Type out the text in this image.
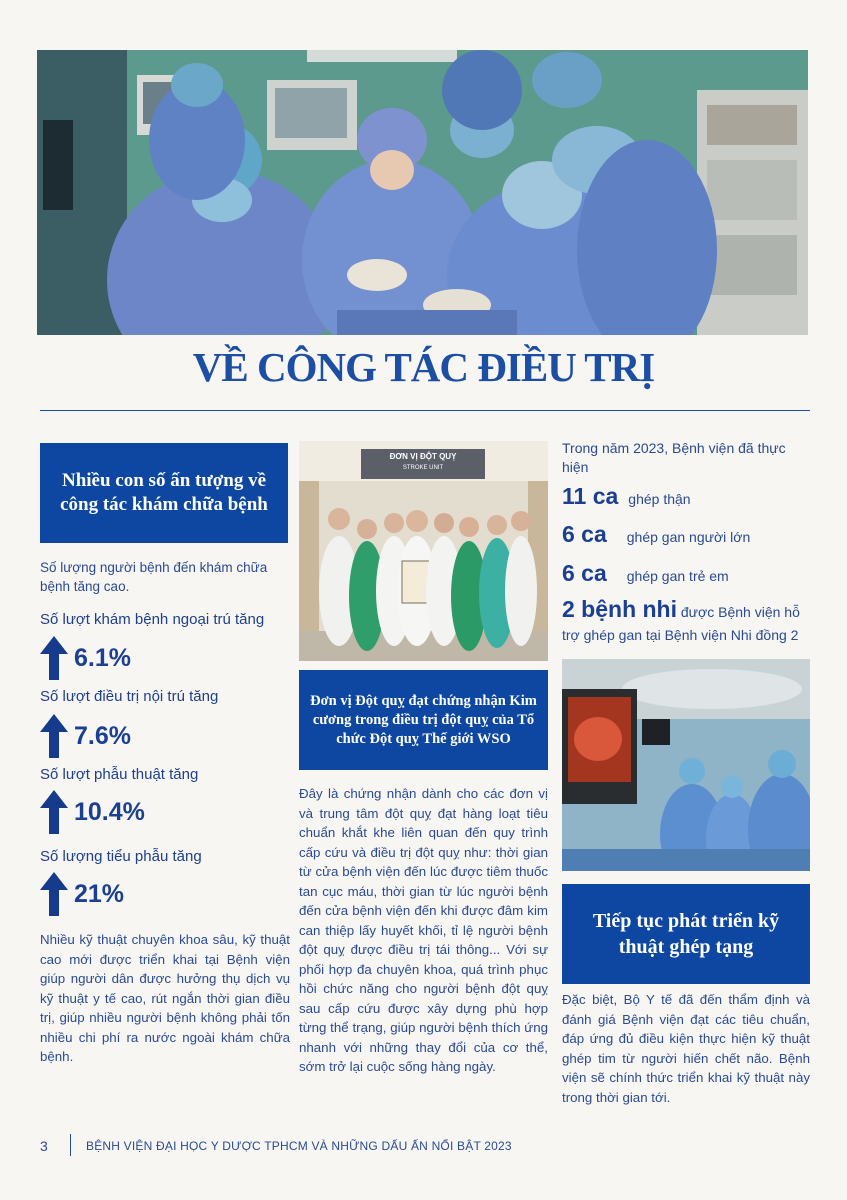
VỀ CÔNG TÁC ĐIỀU TRỊ
Nhiều con số ấn tượng về công tác khám chữa bệnh
Số lượng người bệnh đến khám chữa bệnh tăng cao.
Số lượt khám bệnh ngoại trú tăng
6.1%
Số lượt điều trị nội trú tăng
7.6%
Số lượt phẫu thuật tăng
10.4%
Số lượng tiểu phẫu tăng
21%
Nhiều kỹ thuật chuyên khoa sâu, kỹ thuật cao mới được triển khai tại Bệnh viện giúp người dân được hưởng thụ dịch vụ kỹ thuật y tế cao, rút ngắn thời gian điều trị, giúp nhiều người bệnh không phải tốn nhiều chi phí ra nước ngoài khám chữa bệnh.
ĐƠN VỊ ĐỘT QUỴ
STROKE UNIT
Đơn vị Đột quỵ đạt chứng nhận Kim cương trong điều trị đột quỵ của Tổ chức Đột quỵ Thế giới WSO
Đây là chứng nhận dành cho các đơn vị và trung tâm đột quỵ đạt hàng loạt tiêu chuẩn khắt khe liên quan đến quy trình cấp cứu và điều trị đột quỵ như: thời gian từ cửa bệnh viện đến lúc được tiêm thuốc tan cục máu, thời gian từ lúc người bệnh đến cửa bệnh viện đến khi được đâm kim can thiệp lấy huyết khối, tỉ lệ người bệnh đột quỵ được điều trị tái thông... Với sự phối hợp đa chuyên khoa, quá trình phục hồi chức năng cho người bệnh đột quỵ sau cấp cứu được xây dựng phù hợp từng thể trạng, giúp người bệnh thích ứng nhanh với những thay đổi của cơ thể, sớm trở lại cuộc sống hàng ngày.
Trong năm 2023, Bệnh viện đã thực hiện
11 ca ghép thận
6 ca ghép gan người lớn
6 ca ghép gan trẻ em
2 bệnh nhi được Bệnh viện hỗ trợ ghép gan tại Bệnh viện Nhi đồng 2
Tiếp tục phát triển kỹ thuật ghép tạng
Đặc biệt, Bộ Y tế đã đến thẩm định và đánh giá Bệnh viện đạt các tiêu chuẩn, đáp ứng đủ điều kiện thực hiện kỹ thuật ghép tim từ người hiến chết não. Bệnh viện sẽ chính thức triển khai kỹ thuật này trong thời gian tới.
3	BỆNH VIỆN ĐẠI HỌC Y DƯỢC TPHCM VÀ NHỮNG DẤU ẤN NỔI BẬT 2023
